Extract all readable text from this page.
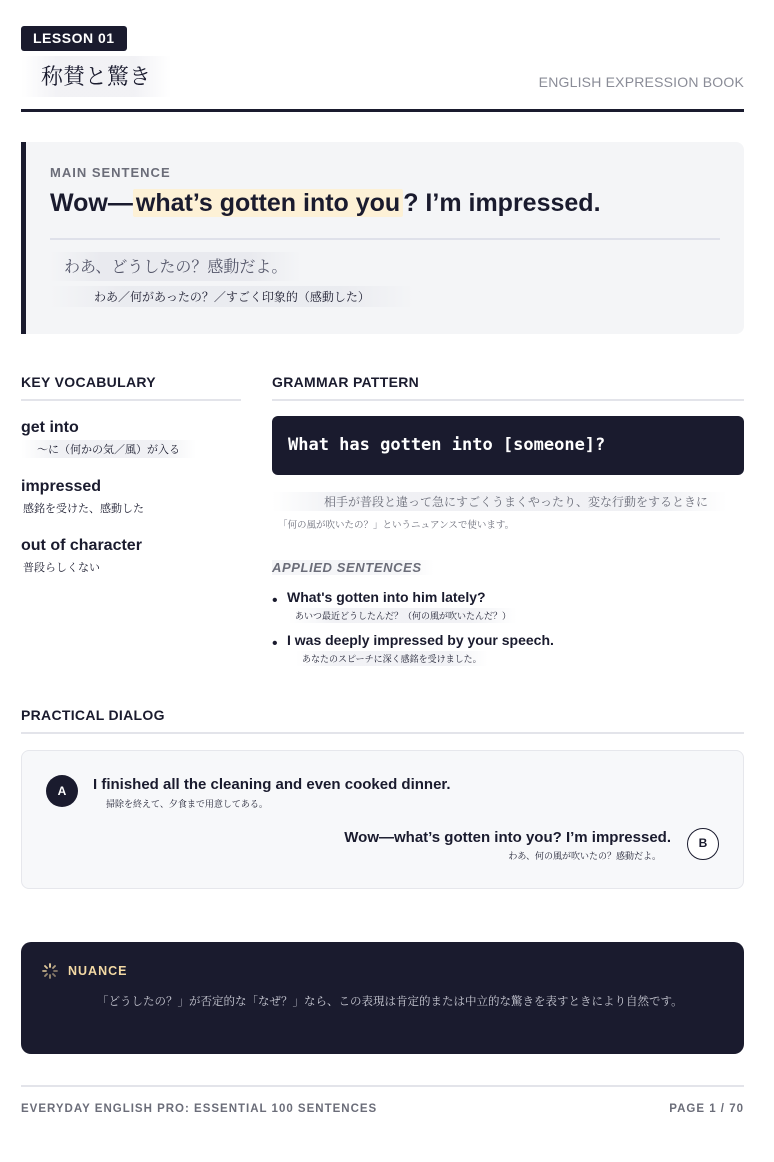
LESSON 01
称賛と驚き	ENGLISH EXPRESSION BOOK
MAIN SENTENCE
Wow— what’s gotten into you ? I’m impressed.
わあ、どうしたの？感動だよ。
わあ／何があったの？／すごく印象的（感動した）
KEY VOCABULARY
get into
〜に（何かの気／風）が入る
impressed
感銘を受けた、感動した
out of character
普段らしくない
GRAMMAR PATTERN
What has gotten into [someone]?
相手が普段と違って急にすごくうまくやったり、変な行動をするときに
「何の風が吹いたの？」というニュアンスで使います。
APPLIED SENTENCES
• What's gotten into him lately?
あいつ最近どうしたんだ？（何の風が吹いたんだ？）
• I was deeply impressed by your speech.
あなたのスピーチに深く感銘を受けました。
PRACTICAL DIALOG
A	I finished all the cleaning and even cooked dinner.
掃除を終えて、夕食まで用意してある。
Wow—what’s gotten into you? I’m impressed.
わあ、何の風が吹いたの？感動だよ。
B
NUANCE
「どうしたの？」が否定的な「なぜ？」なら、この表現は肯定的または中立的な驚きを表すときにより自然です。
EVERYDAY ENGLISH PRO: ESSENTIAL 100 SENTENCES	PAGE 1 / 70
